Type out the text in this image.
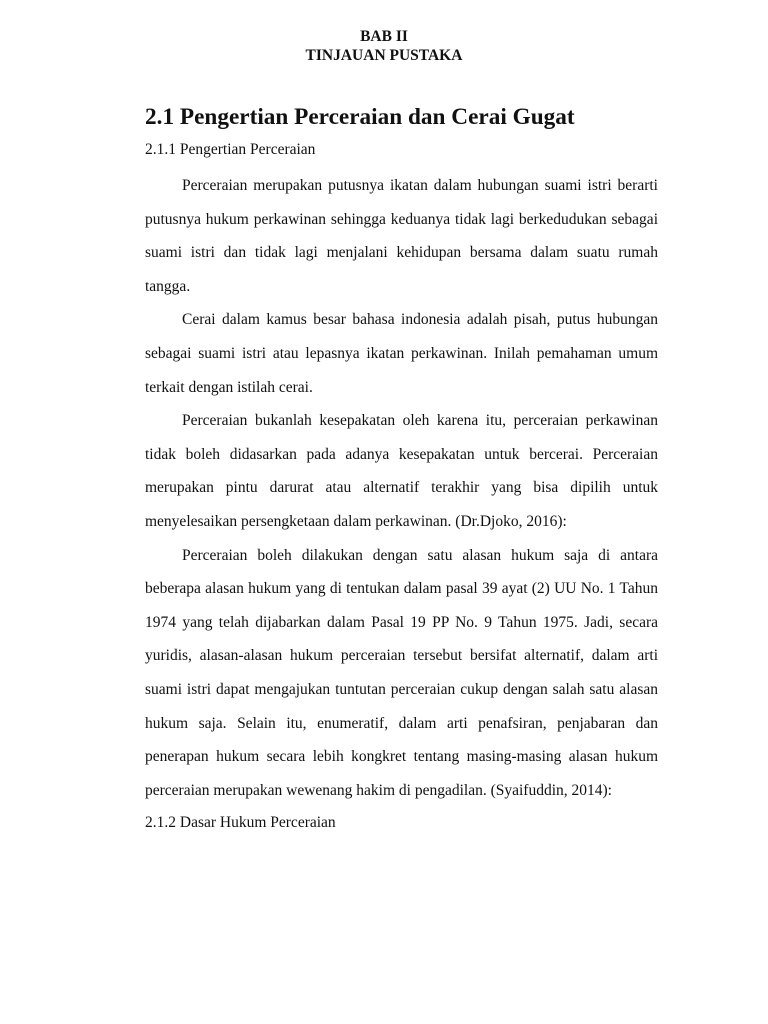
BAB II
TINJAUAN PUSTAKA
2.1 Pengertian Perceraian dan Cerai Gugat
2.1.1 Pengertian Perceraian

Perceraian merupakan putusnya ikatan dalam hubungan suami istri berarti putusnya hukum perkawinan sehingga keduanya tidak lagi berkedudukan sebagai suami istri dan tidak lagi menjalani kehidupan bersama dalam suatu rumah tangga.

Cerai dalam kamus besar bahasa indonesia adalah pisah, putus hubungan sebagai suami istri atau lepasnya ikatan perkawinan. Inilah pemahaman umum terkait dengan istilah cerai.

Perceraian bukanlah kesepakatan oleh karena itu, perceraian perkawinan tidak boleh didasarkan pada adanya kesepakatan untuk bercerai. Perceraian merupakan pintu darurat atau alternatif terakhir yang bisa dipilih untuk menyelesaikan persengketaan dalam perkawinan. (Dr.Djoko, 2016):

Perceraian boleh dilakukan dengan satu alasan hukum saja di antara beberapa alasan hukum yang di tentukan dalam pasal 39 ayat (2) UU No. 1 Tahun 1974 yang telah dijabarkan dalam Pasal 19 PP No. 9 Tahun 1975. Jadi, secara yuridis, alasan-alasan hukum perceraian tersebut bersifat alternatif, dalam arti suami istri dapat mengajukan tuntutan perceraian cukup dengan salah satu alasan hukum saja. Selain itu, enumeratif, dalam arti penafsiran, penjabaran dan penerapan hukum secara lebih kongkret tentang masing-masing alasan hukum perceraian merupakan wewenang hakim di pengadilan. (Syaifuddin, 2014):

2.1.2 Dasar Hukum Perceraian
